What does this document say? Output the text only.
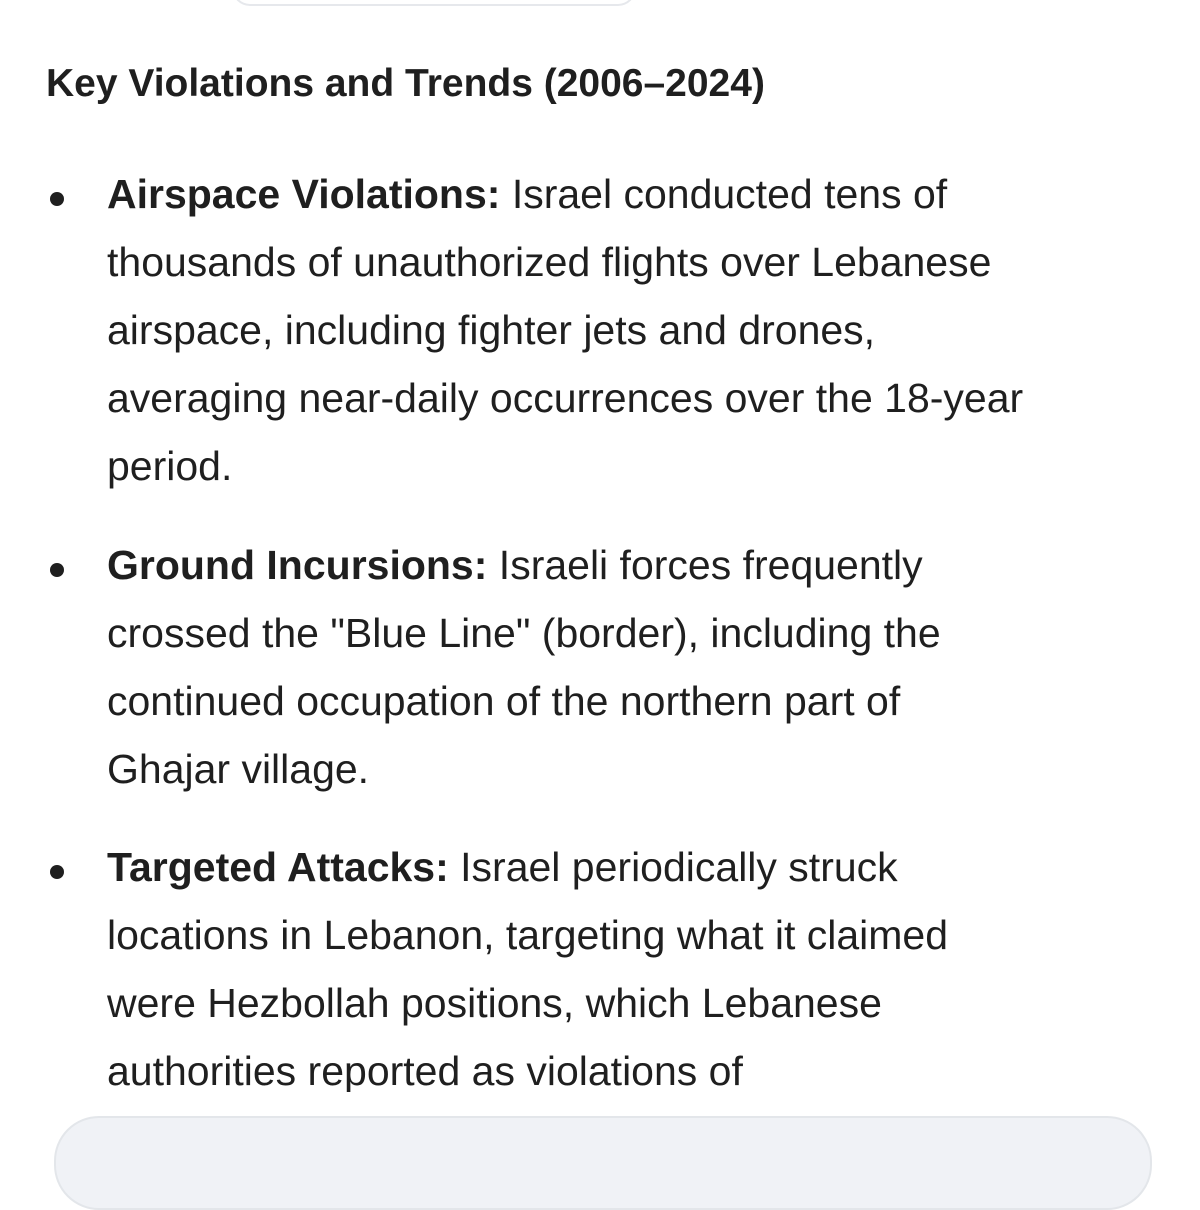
Key Violations and Trends (2006–2024)
Airspace Violations: Israel conducted tens of
thousands of unauthorized flights over Lebanese
airspace, including fighter jets and drones,
averaging near-daily occurrences over the 18-year
period.
Ground Incursions: Israeli forces frequently
crossed the "Blue Line" (border), including the
continued occupation of the northern part of
Ghajar village.
Targeted Attacks: Israel periodically struck
locations in Lebanon, targeting what it claimed
were Hezbollah positions, which Lebanese
authorities reported as violations of
